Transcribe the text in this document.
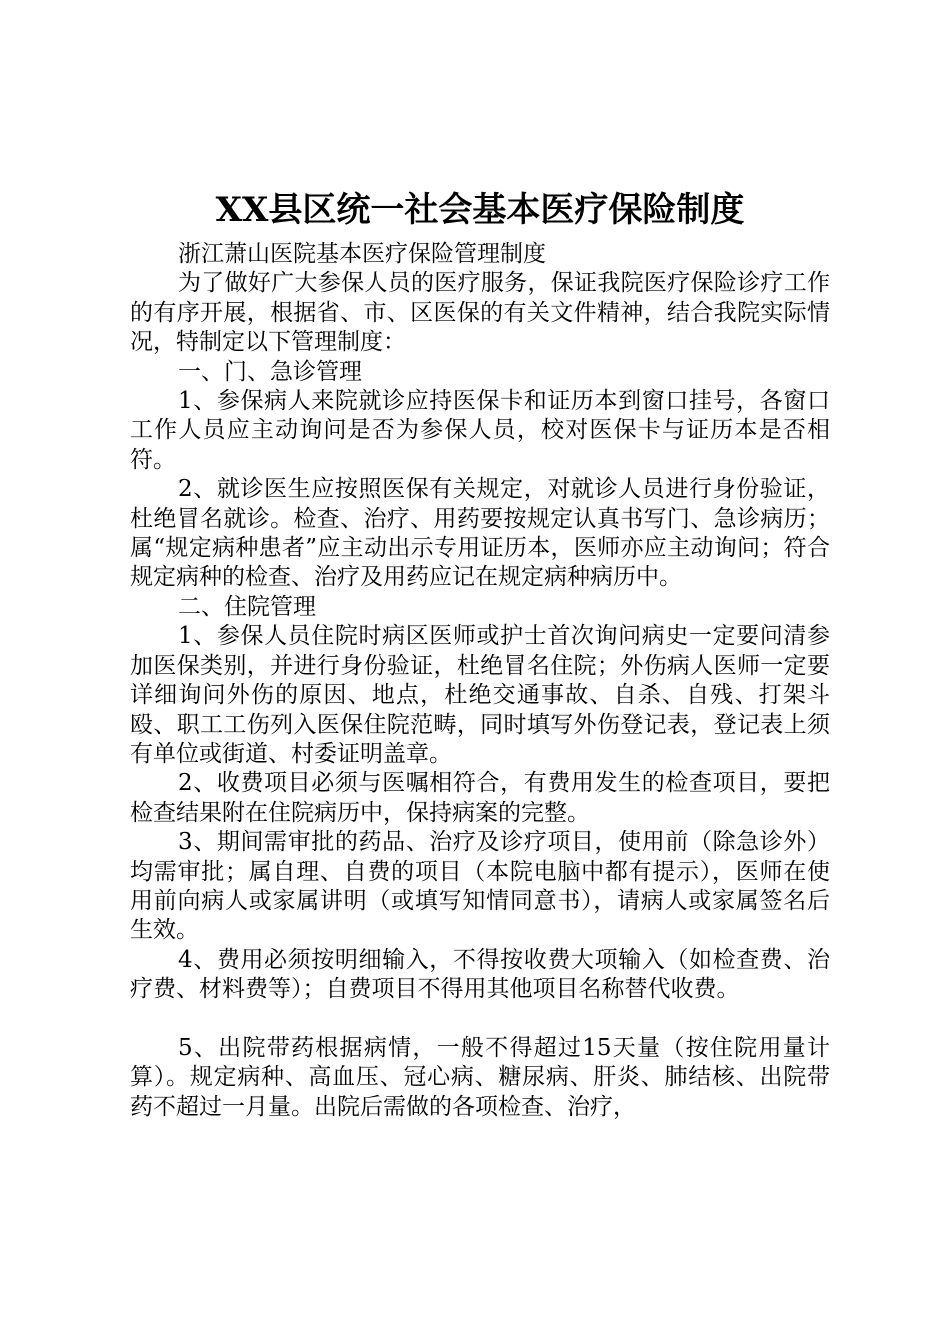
XX县区统一社会基本医疗保险制度

浙江萧山医院基本医疗保险管理制度

为了做好广大参保人员的医疗服务，保证我院医疗保险诊疗工作的有序开展，根据省、市、区医保的有关文件精神，结合我院实际情况，特制定以下管理制度：

一、门、急诊管理

1、参保病人来院就诊应持医保卡和证历本到窗口挂号，各窗口工作人员应主动询问是否为参保人员，校对医保卡与证历本是否相符。

2、就诊医生应按照医保有关规定，对就诊人员进行身份验证，杜绝冒名就诊。检查、治疗、用药要按规定认真书写门、急诊病历；属“规定病种患者”应主动出示专用证历本，医师亦应主动询问；符合规定病种的检查、治疗及用药应记在规定病种病历中。

二、住院管理

1、参保人员住院时病区医师或护士首次询问病史一定要问清参加医保类别，并进行身份验证，杜绝冒名住院；外伤病人医师一定要详细询问外伤的原因、地点，杜绝交通事故、自杀、自残、打架斗殴、职工工伤列入医保住院范畴，同时填写外伤登记表，登记表上须有单位或街道、村委证明盖章。

2、收费项目必须与医嘱相符合，有费用发生的检查项目，要把检查结果附在住院病历中，保持病案的完整。

3、期间需审批的药品、治疗及诊疗项目，使用前（除急诊外）均需审批；属自理、自费的项目（本院电脑中都有提示），医师在使用前向病人或家属讲明（或填写知情同意书），请病人或家属签名后生效。

4、费用必须按明细输入，不得按收费大项输入（如检查费、治疗费、材料费等）；自费项目不得用其他项目名称替代收费。

5、出院带药根据病情，一般不得超过15天量（按住院用量计算）。规定病种、高血压、冠心病、糖尿病、肝炎、肺结核、出院带药不超过一月量。出院后需做的各项检查、治疗，
